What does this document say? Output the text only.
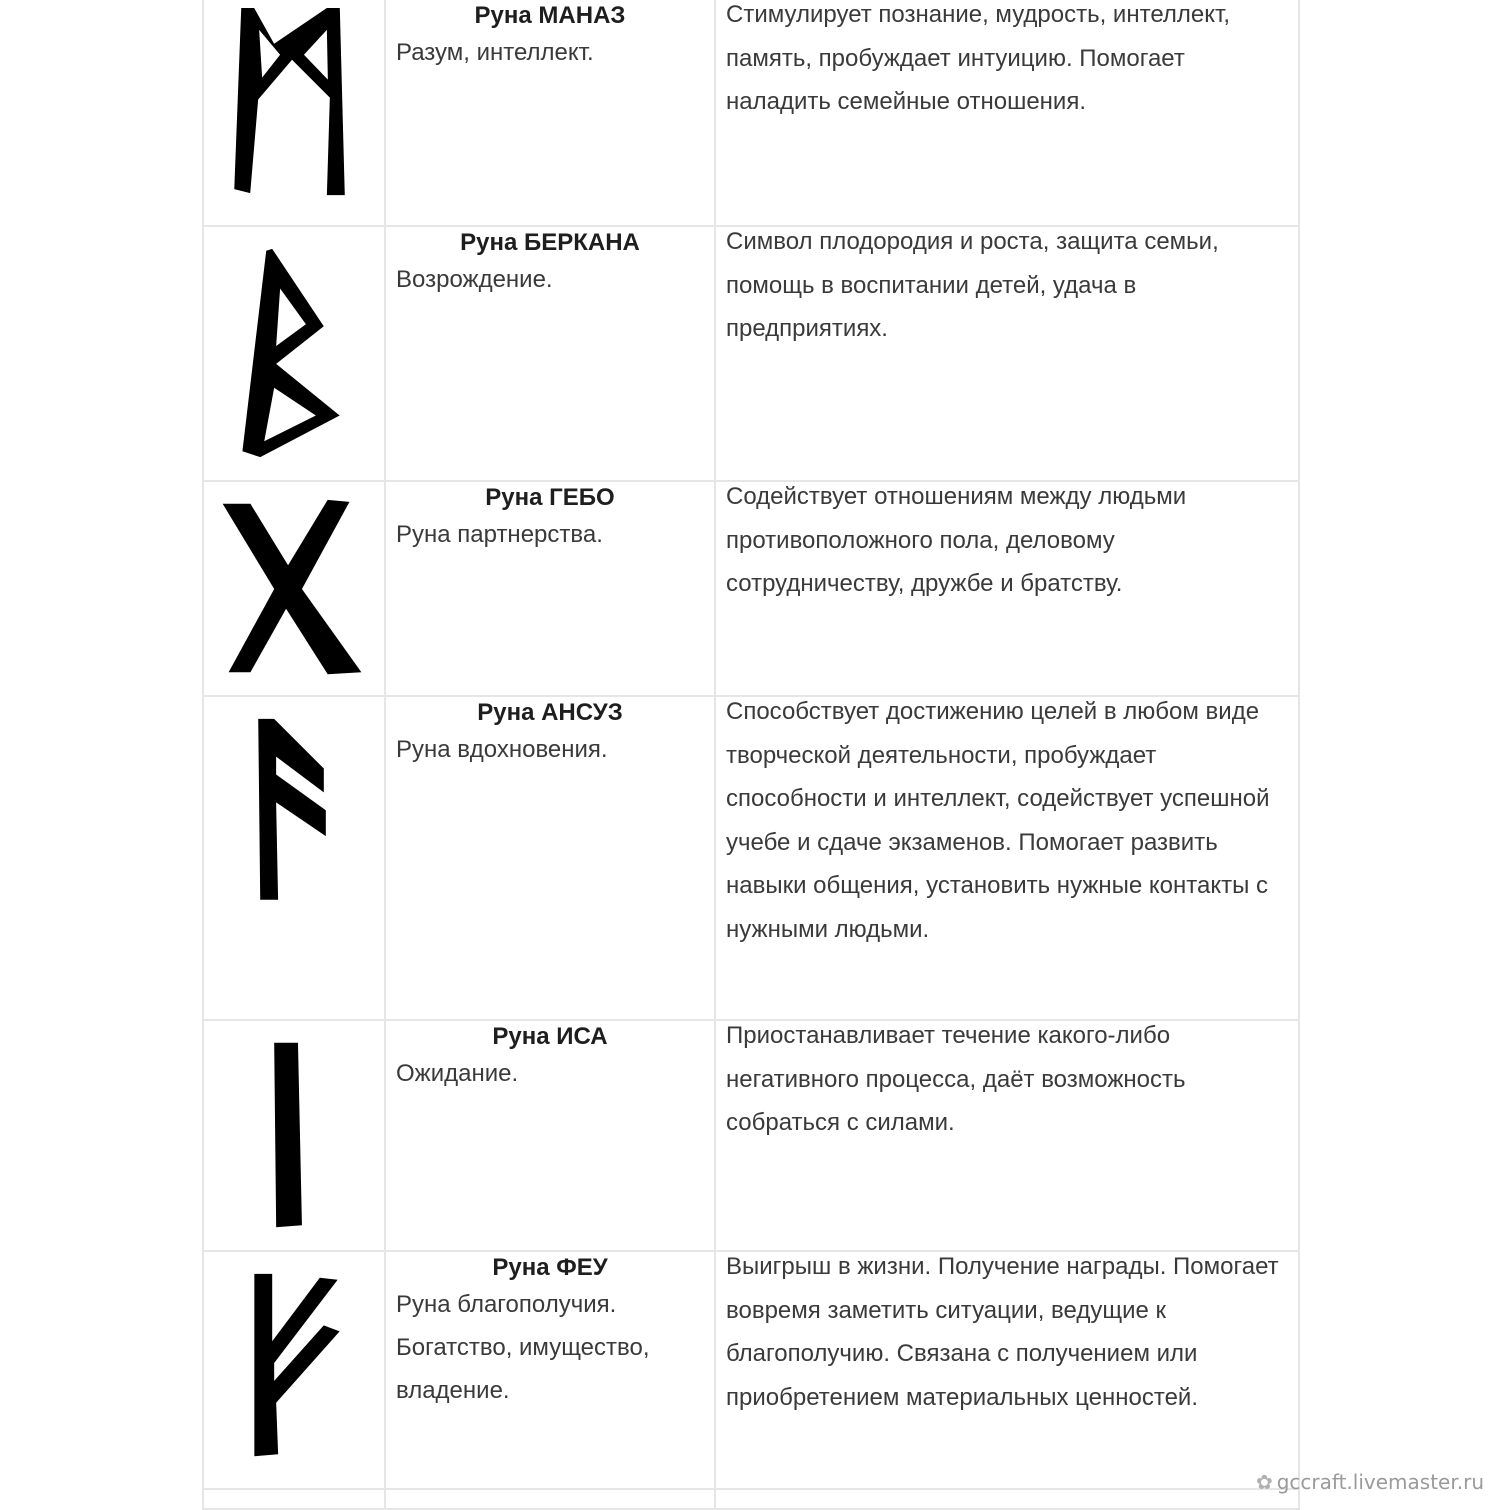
Руна МАНАЗ
Разум, интеллект.	Стимулирует познание, мудрость, интеллект, память, пробуждает интуицию. Помогает наладить семейные отношения.

Руна БЕРКАНА
Возрождение.	Символ плодородия и роста, защита семьи, помощь в воспитании детей, удача в предприятиях.

Руна ГЕБО
Руна партнерства.	Содействует отношениям между людьми противоположного пола, деловому сотрудничеству, дружбе и братству.

Руна АНСУЗ
Руна вдохновения.	Способствует достижению целей в любом виде творческой деятельности, пробуждает способности и интеллект, содействует успешной учебе и сдаче экзаменов. Помогает развить навыки общения, установить нужные контакты с нужными людьми.

Руна ИСА
Ожидание.	Приостанавливает течение какого-либо негативного процесса, даёт возможность собраться с силами.

Руна ФЕУ
Руна благополучия.
Богатство, имущество,
владение.	Выигрыш в жизни. Получение награды. Помогает вовремя заметить ситуации, ведущие к благополучию. Связана с получением или приобретением материальных ценностей.

✿ gccraft.livemaster.ru
